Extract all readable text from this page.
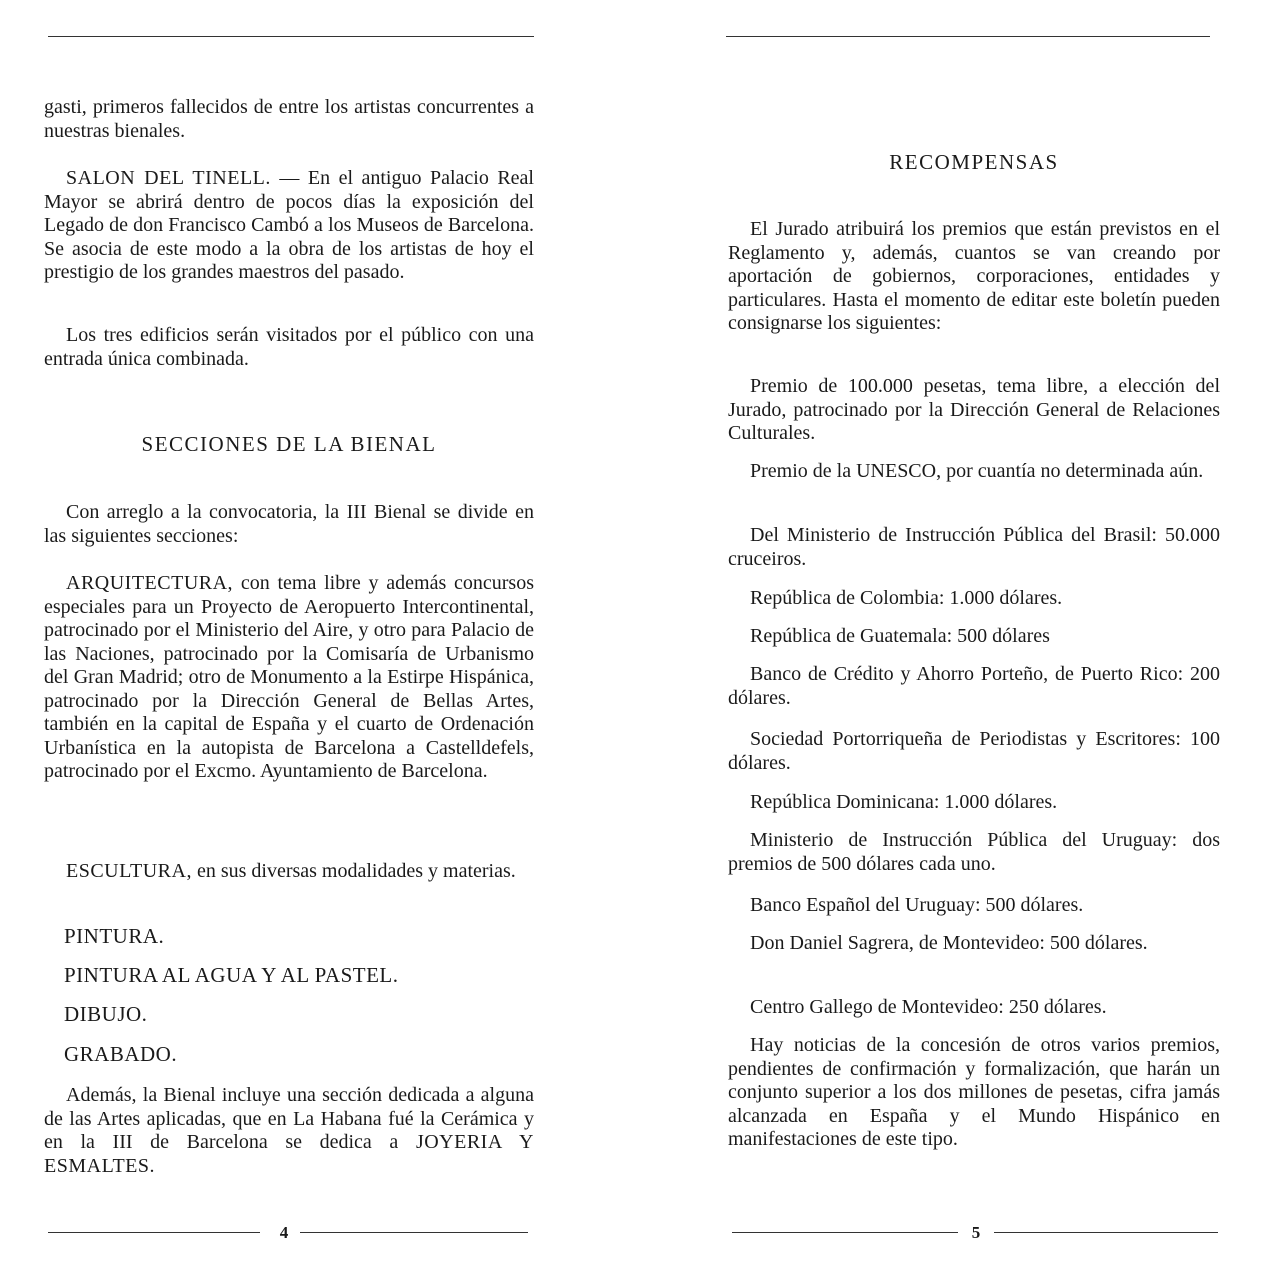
gasti, primeros fallecidos de entre los artistas concurrentes a nuestras bienales.

SALON DEL TINELL. — En el antiguo Palacio Real Mayor se abrirá dentro de pocos días la exposición del Legado de don Francisco Cambó a los Museos de Barcelona. Se asocia de este modo a la obra de los artistas de hoy el prestigio de los grandes maestros del pasado.

Los tres edificios serán visitados por el público con una entrada única combinada.

SECCIONES DE LA BIENAL

Con arreglo a la convocatoria, la III Bienal se divide en las siguientes secciones:

ARQUITECTURA, con tema libre y además concursos especiales para un Proyecto de Aeropuerto Intercontinental, patrocinado por el Ministerio del Aire, y otro para Palacio de las Naciones, patrocinado por la Comisaría de Urbanismo del Gran Madrid; otro de Monumento a la Estirpe Hispánica, patrocinado por la Dirección General de Bellas Artes, también en la capital de España y el cuarto de Ordenación Urbanística en la autopista de Barcelona a Castelldefels, patrocinado por el Excmo. Ayuntamiento de Barcelona.

ESCULTURA, en sus diversas modalidades y materias.

PINTURA.
PINTURA AL AGUA Y AL PASTEL.
DIBUJO.
GRABADO.

Además, la Bienal incluye una sección dedicada a alguna de las Artes aplicadas, que en La Habana fué la Cerámica y en la III de Barcelona se dedica a JOYERIA Y ESMALTES.

4
RECOMPENSAS

El Jurado atribuirá los premios que están previstos en el Reglamento y, además, cuantos se van creando por aportación de gobiernos, corporaciones, entidades y particulares. Hasta el momento de editar este boletín pueden consignarse los siguientes:

Premio de 100.000 pesetas, tema libre, a elección del Jurado, patrocinado por la Dirección General de Relaciones Culturales.

Premio de la UNESCO, por cuantía no determinada aún.

Del Ministerio de Instrucción Pública del Brasil: 50.000 cruceiros.

República de Colombia: 1.000 dólares.

República de Guatemala: 500 dólares

Banco de Crédito y Ahorro Porteño, de Puerto Rico: 200 dólares.

Sociedad Portorriqueña de Periodistas y Escritores: 100 dólares.

República Dominicana: 1.000 dólares.

Ministerio de Instrucción Pública del Uruguay: dos premios de 500 dólares cada uno.

Banco Español del Uruguay: 500 dólares.

Don Daniel Sagrera, de Montevideo: 500 dólares.

Centro Gallego de Montevideo: 250 dólares.

Hay noticias de la concesión de otros varios premios, pendientes de confirmación y formalización, que harán un conjunto superior a los dos millones de pesetas, cifra jamás alcanzada en España y el Mundo Hispánico en manifestaciones de este tipo.

5
